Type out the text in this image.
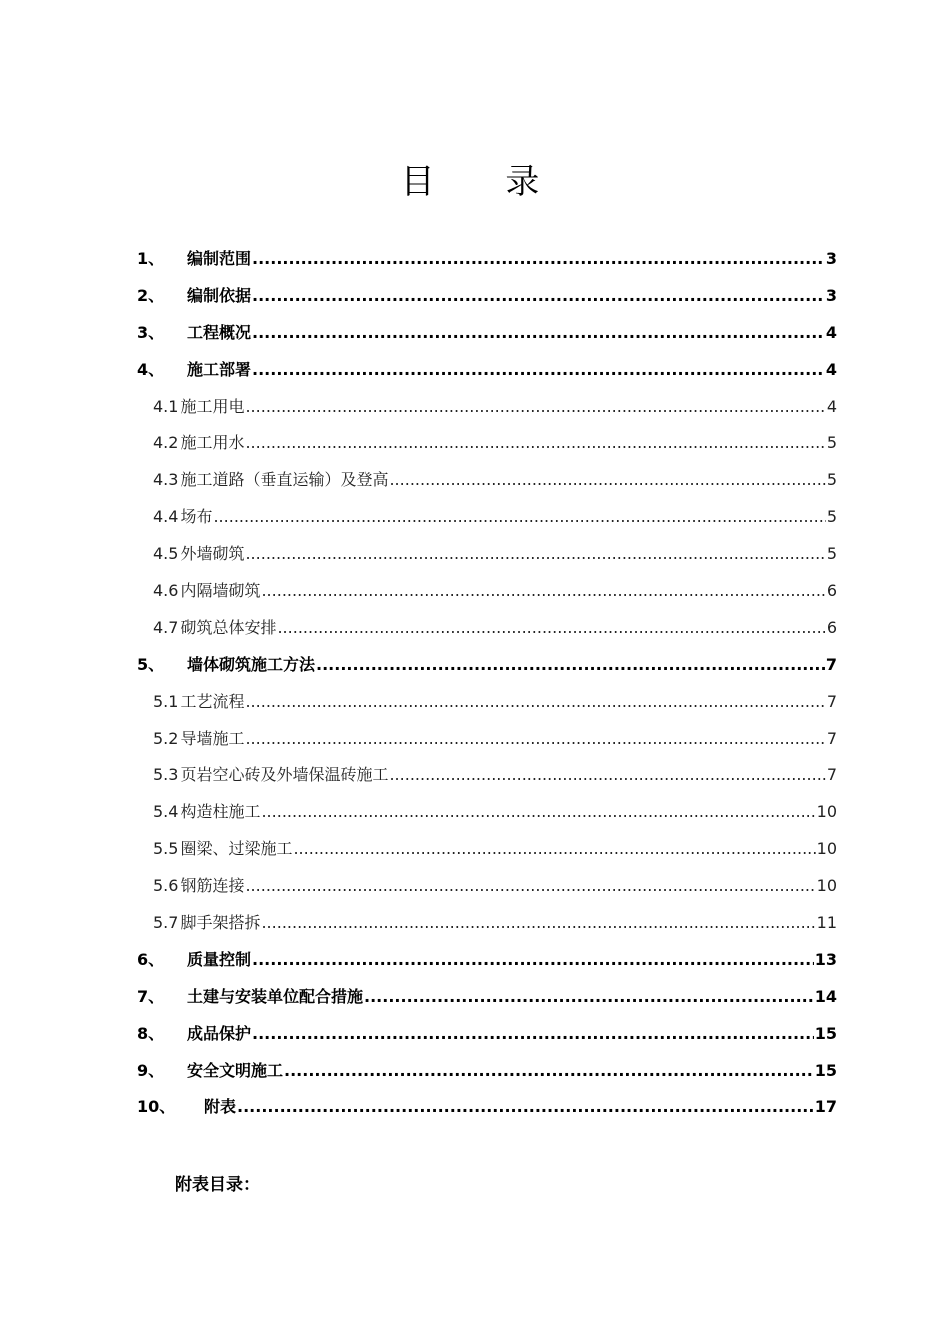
目 录
1、	编制范围 .....	3
2、	编制依据 .....	3
3、	工程概况 .....	4
4、	施工部署 .....	4
4.1 施工用电 .....	4
4.2 施工用水 .....	5
4.3 施工道路（垂直运输）及登高 .....	5
4.4 场布 .....	5
4.5 外墙砌筑 .....	5
4.6 内隔墙砌筑 .....	6
4.7 砌筑总体安排 .....	6
5、	墙体砌筑施工方法 .....	7
5.1 工艺流程 .....	7
5.2 导墙施工 .....	7
5.3 页岩空心砖及外墙保温砖施工 .....	7
5.4 构造柱施工 .....	10
5.5 圈梁、过梁施工 .....	10
5.6 钢筋连接 .....	10
5.7 脚手架搭拆 .....	11
6、	质量控制 .....	13
7、	土建与安装单位配合措施 .....	14
8、	成品保护 .....	15
9、	安全文明施工 .....	15
10、	附表 .....	17
附表目录：
